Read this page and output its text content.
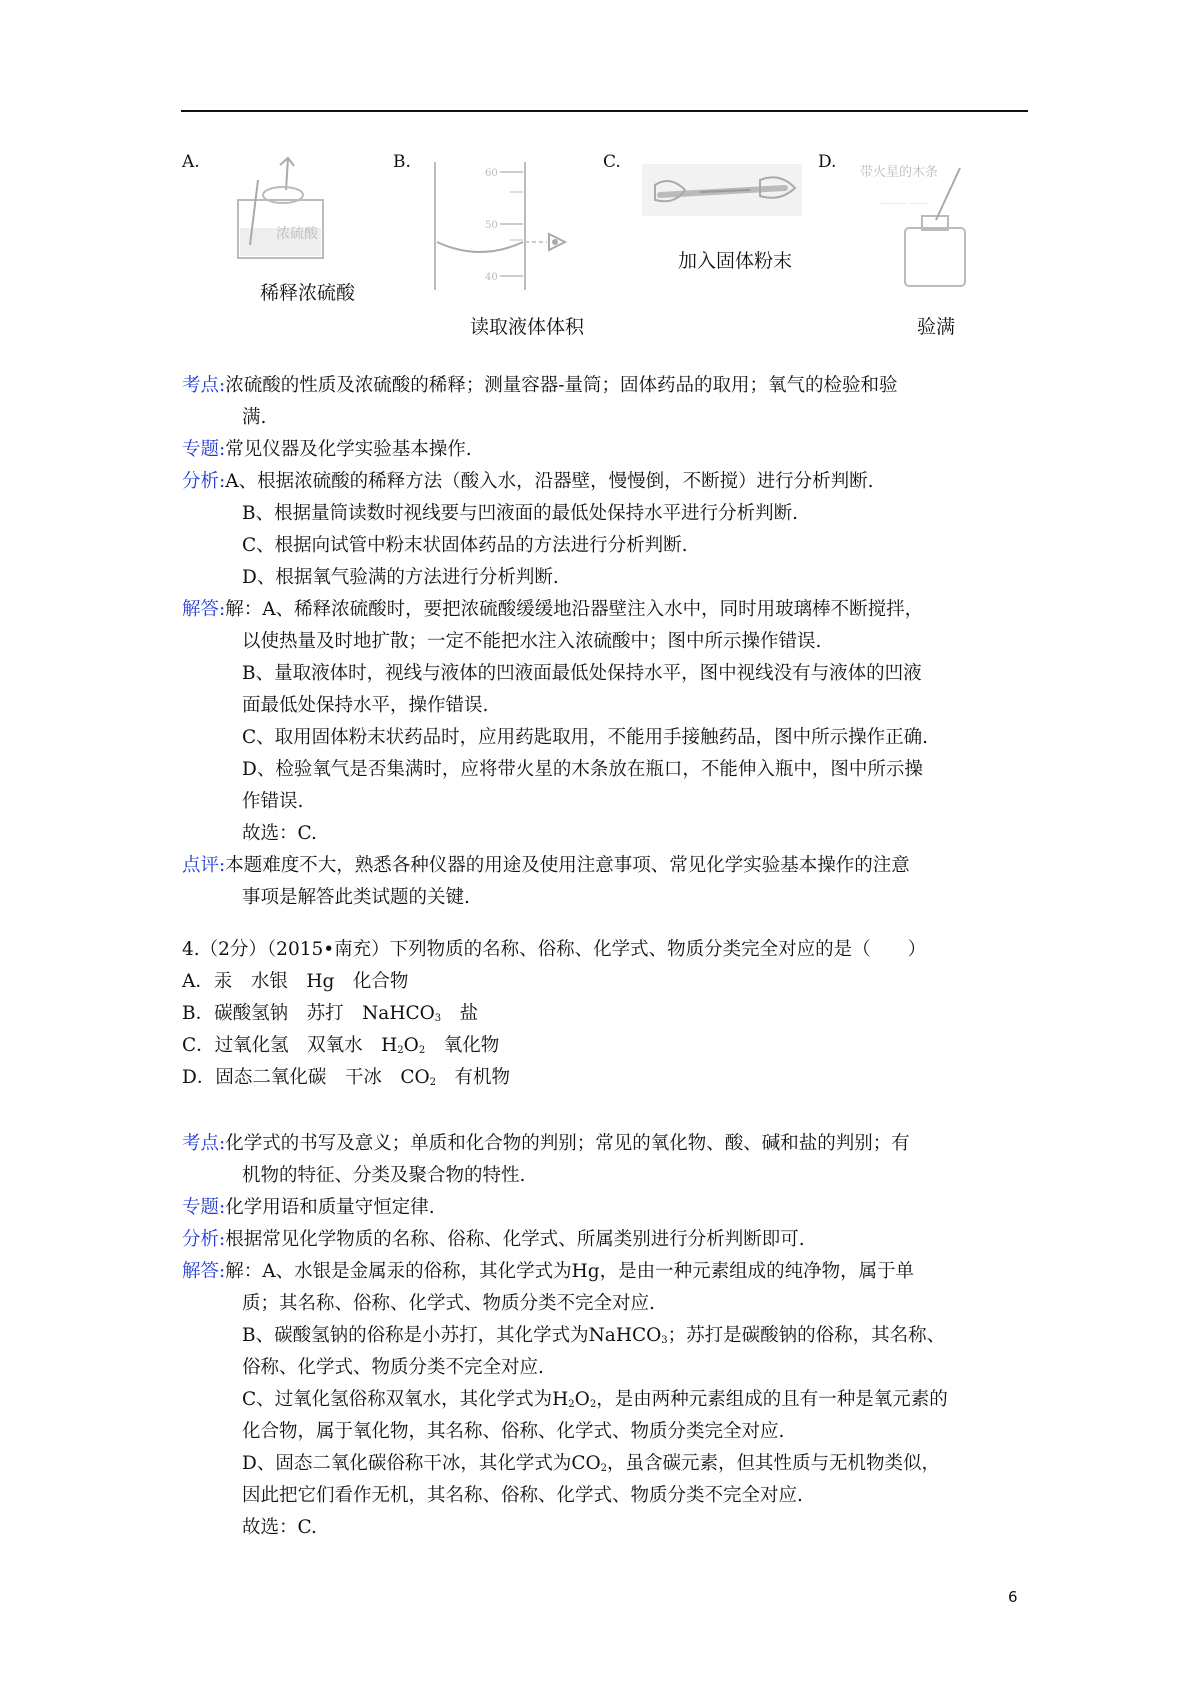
A.
浓硫酸
稀释浓硫酸
B.
60
50
40
读取液体体积
C.
加入固体粉末
D.
带火星的木条
——— ——
验满
考点:浓硫酸的性质及浓硫酸的稀释；测量容器-量筒；固体药品的取用；氧气的检验和验
满.
专题:常见仪器及化学实验基本操作.
分析:A、根据浓硫酸的稀释方法（酸入水，沿器壁，慢慢倒，不断搅）进行分析判断.
B、根据量筒读数时视线要与凹液面的最低处保持水平进行分析判断.
C、根据向试管中粉末状固体药品的方法进行分析判断.
D、根据氧气验满的方法进行分析判断.
解答:解：A、稀释浓硫酸时，要把浓硫酸缓缓地沿器壁注入水中，同时用玻璃棒不断搅拌，
以使热量及时地扩散；一定不能把水注入浓硫酸中；图中所示操作错误.
B、量取液体时，视线与液体的凹液面最低处保持水平，图中视线没有与液体的凹液
面最低处保持水平，操作错误.
C、取用固体粉末状药品时，应用药匙取用，不能用手接触药品，图中所示操作正确.
D、检验氧气是否集满时，应将带火星的木条放在瓶口，不能伸入瓶中，图中所示操
作错误.
故选：C.
点评:本题难度不大，熟悉各种仪器的用途及使用注意事项、常见化学实验基本操作的注意
事项是解答此类试题的关键.
4.（2分）（2015•南充）下列物质的名称、俗称、化学式、物质分类完全对应的是（　　）
A．汞　水银　Hg　化合物
B．碳酸氢钠　苏打　NaHCO$_3$　盐
C．过氧化氢　双氧水　$H_2O_2$　氧化物
D．固态二氧化碳　干冰　$CO_2$　有机物
考点:化学式的书写及意义；单质和化合物的判别；常见的氧化物、酸、碱和盐的判别；有
机物的特征、分类及聚合物的特性.
专题:化学用语和质量守恒定律.
分析:根据常见化学物质的名称、俗称、化学式、所属类别进行分析判断即可.
解答:解：A、水银是金属汞的俗称，其化学式为Hg，是由一种元素组成的纯净物，属于单
质；其名称、俗称、化学式、物质分类不完全对应.
B、碳酸氢钠的俗称是小苏打，其化学式为NaHCO$_3$；苏打是碳酸钠的俗称，其名称、
俗称、化学式、物质分类不完全对应.
C、过氧化氢俗称双氧水，其化学式为$H_2O_2$，是由两种元素组成的且有一种是氧元素的
化合物，属于氧化物，其名称、俗称、化学式、物质分类完全对应.
D、固态二氧化碳俗称干冰，其化学式为$CO_2$，虽含碳元素，但其性质与无机物类似，
因此把它们看作无机，其名称、俗称、化学式、物质分类不完全对应.
故选：C.
6
